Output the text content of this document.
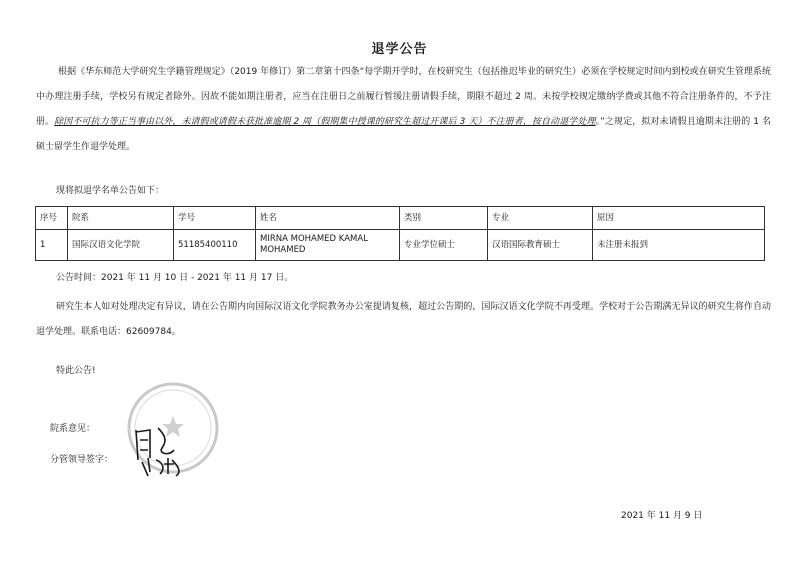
退学公告
根据《华东师范大学研究生学籍管理规定》（2019 年修订）第二章第十四条“每学期开学时，在校研究生（包括推迟毕业的研究生）必须在学校规定时间内到校或在研究生管理系统中办理注册手续，学校另有规定者除外。因故不能如期注册者，应当在注册日之前履行暂缓注册请假手续，期限不超过 2 周。未按学校规定缴纳学费或其他不符合注册条件的，不予注册。除因不可抗力等正当事由以外，未请假或请假未获批准逾期 2 周（假期集中授课的研究生超过开课后 3 天）不注册者，按自动退学处理。”之规定，拟对未请假且逾期未注册的 1 名硕士留学生作退学处理。
现将拟退学名单公告如下：
序号	院系	学号	姓名	类别	专业	原因
1	国际汉语文化学院	51185400110	MIRNA MOHAMED KAMAL MOHAMED	专业学位硕士	汉语国际教育硕士	未注册未报到
公告时间：2021 年 11 月 10 日 - 2021 年 11 月 17 日。
研究生本人如对处理决定有异议，请在公告期内向国际汉语文化学院教务办公室提请复核，超过公告期的，国际汉语文化学院不再受理。学校对于公告期满无异议的研究生将作自动退学处理。联系电话：62609784。
特此公告!
院系意见：
分管领导签字：
2021 年 11 月 9 日
